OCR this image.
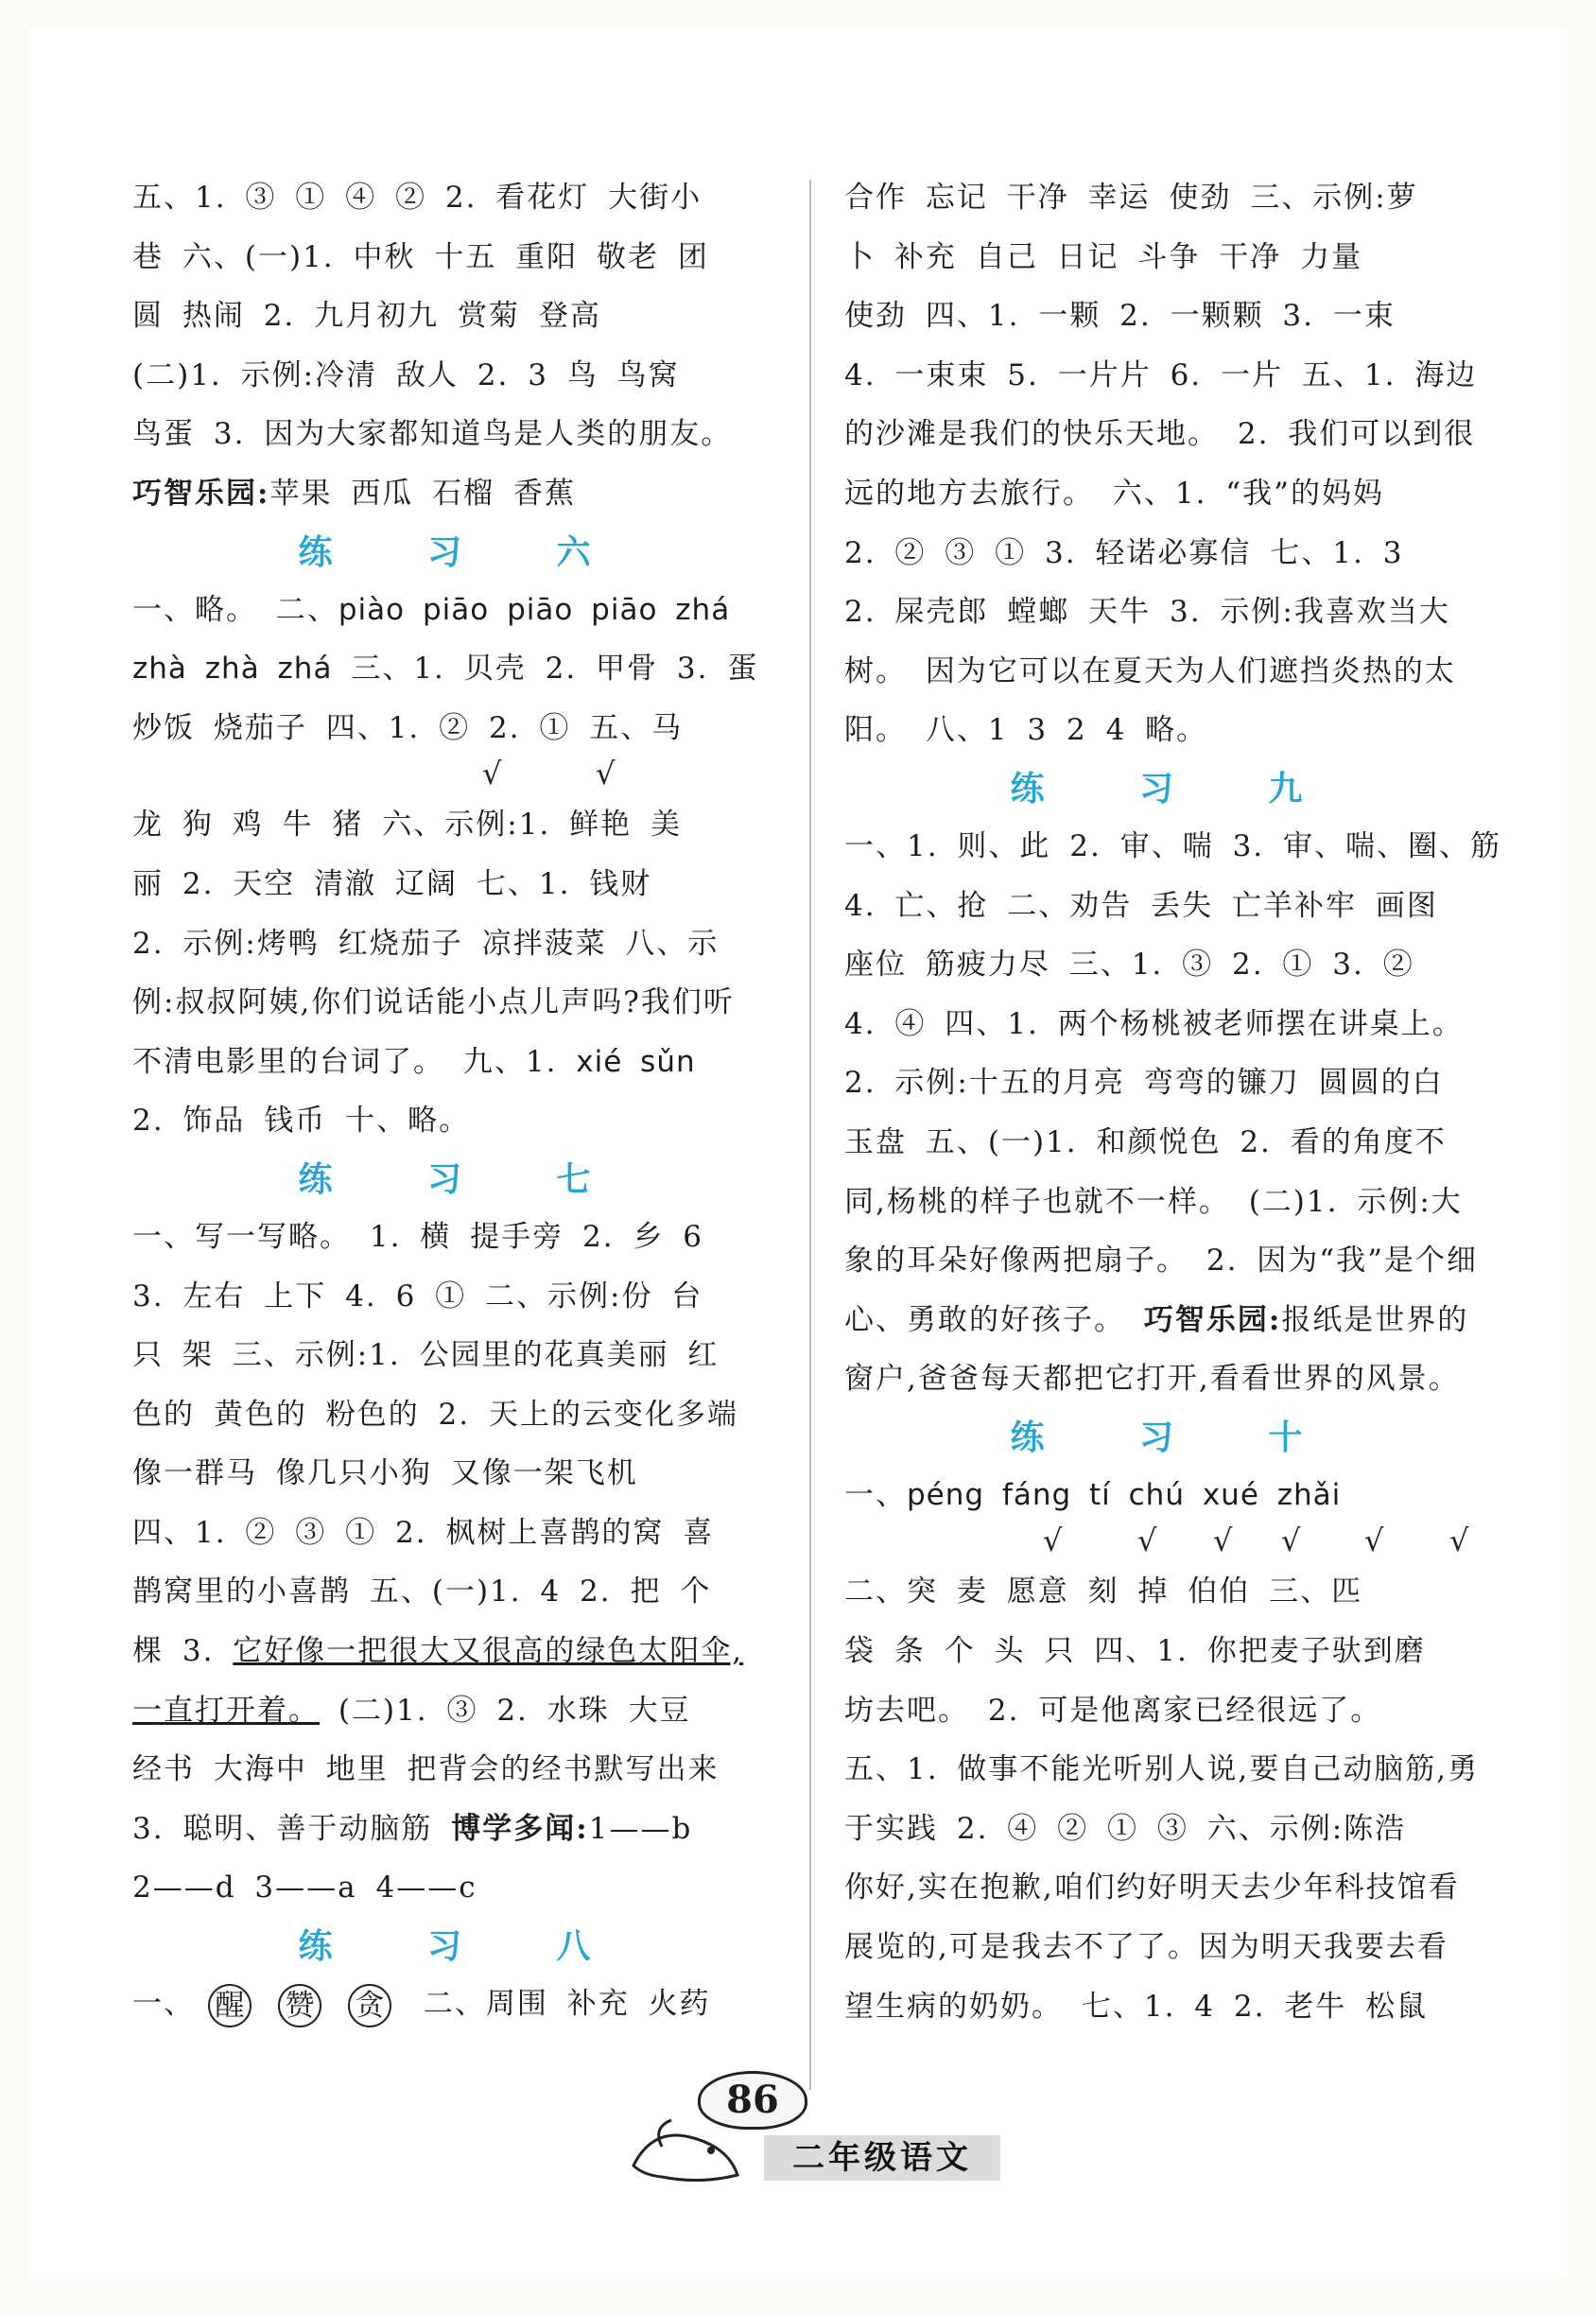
五、1. ③ ① ④ ② 2. 看花灯 大街小
巷 六、(一)1. 中秋 十五 重阳 敬老 团
圆 热闹 2. 九月初九 赏菊 登高
(二)1. 示例:冷清 敌人 2. 3 鸟 鸟窝
鸟蛋 3. 因为大家都知道鸟是人类的朋友。
巧智乐园:苹果 西瓜 石榴 香蕉
练 习 六
一、略。 二、piào piāo piāo piāo zhá
zhà zhà zhá 三、1. 贝壳 2. 甲骨 3. 蛋
炒饭 烧茄子 四、1. ② 2. ① 五、马
√	√
龙 狗 鸡 牛 猪 六、示例:1. 鲜艳 美
丽 2. 天空 清澈 辽阔 七、1. 钱财
2. 示例:烤鸭 红烧茄子 凉拌菠菜 八、示
例:叔叔阿姨,你们说话能小点儿声吗?我们听
不清电影里的台词了。 九、1. xié sǔn
2. 饰品 钱币 十、略。
练 习 七
一、写一写略。 1. 横 提手旁 2. 乡 6
3. 左右 上下 4. 6 ① 二、示例:份 台
只 架 三、示例:1. 公园里的花真美丽 红
色的 黄色的 粉色的 2. 天上的云变化多端
像一群马 像几只小狗 又像一架飞机
四、1. ② ③ ① 2. 枫树上喜鹊的窝 喜
鹊窝里的小喜鹊 五、(一)1. 4 2. 把 个
棵 3. 它好像一把很大又很高的绿色太阳伞,
一直打开着。 (二)1. ③ 2. 水珠 大豆
经书 大海中 地里 把背会的经书默写出来
3. 聪明、善于动脑筋 博学多闻:1——b
2——d 3——a 4——c
练 习 八
一、 醒 赞 贪 二、周围 补充 火药
合作 忘记 干净 幸运 使劲 三、示例:萝
卜 补充 自己 日记 斗争 干净 力量
使劲 四、1. 一颗 2. 一颗颗 3. 一束
4. 一束束 5. 一片片 6. 一片 五、1. 海边
的沙滩是我们的快乐天地。 2. 我们可以到很
远的地方去旅行。 六、1. “我”的妈妈
2. ② ③ ① 3. 轻诺必寡信 七、1. 3
2. 屎壳郎 螳螂 天牛 3. 示例:我喜欢当大
树。 因为它可以在夏天为人们遮挡炎热的太
阳。 八、1 3 2 4 略。
练 习 九
一、1. 则、此 2. 审、喘 3. 审、喘、圈、筋
4. 亡、抢 二、劝告 丢失 亡羊补牢 画图
座位 筋疲力尽 三、1. ③ 2. ① 3. ②
4. ④ 四、1. 两个杨桃被老师摆在讲桌上。
2. 示例:十五的月亮 弯弯的镰刀 圆圆的白
玉盘 五、(一)1. 和颜悦色 2. 看的角度不
同,杨桃的样子也就不一样。 (二)1. 示例:大
象的耳朵好像两把扇子。 2. 因为“我”是个细
心、勇敢的好孩子。 巧智乐园:报纸是世界的
窗户,爸爸每天都把它打开,看看世界的风景。
练 习 十
一、péng fáng tí chú xué zhǎi
√ √ √ √ √ √
二、突 麦 愿意 刻 掉 伯伯 三、匹
袋 条 个 头 只 四、1. 你把麦子驮到磨
坊去吧。 2. 可是他离家已经很远了。
五、1. 做事不能光听别人说,要自己动脑筋,勇
于实践 2. ④ ② ① ③ 六、示例:陈浩
你好,实在抱歉,咱们约好明天去少年科技馆看
展览的,可是我去不了了。因为明天我要去看
望生病的奶奶。 七、1. 4 2. 老牛 松鼠
86
二年级语文
